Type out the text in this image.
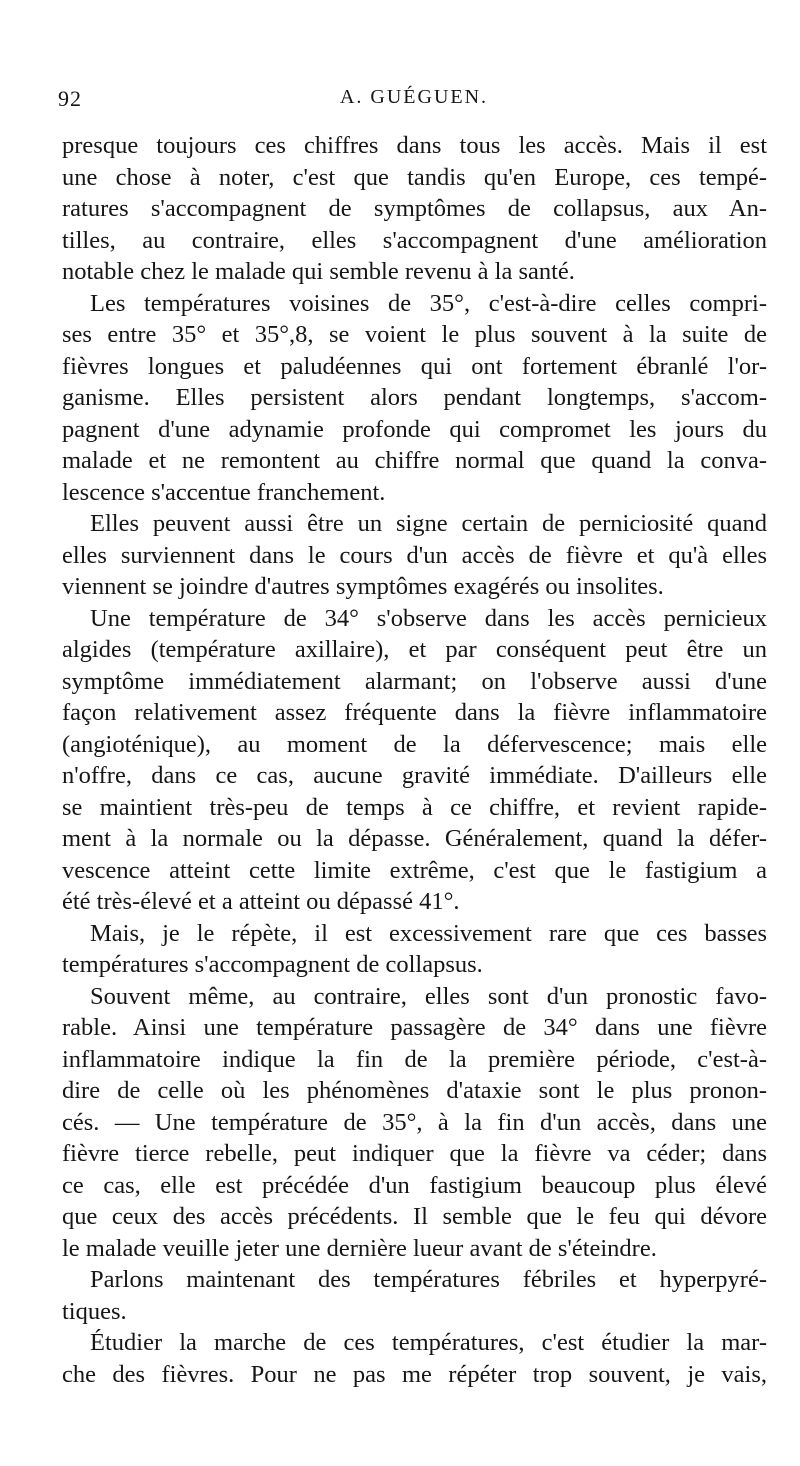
92	A. GUÉGUEN.
presque toujours ces chiffres dans tous les accès. Mais il est
une chose à noter, c'est que tandis qu'en Europe, ces tempé-
ratures s'accompagnent de symptômes de collapsus, aux An-
tilles, au contraire, elles s'accompagnent d'une amélioration
notable chez le malade qui semble revenu à la santé.
Les températures voisines de 35°, c'est-à-dire celles compri-
ses entre 35° et 35°,8, se voient le plus souvent à la suite de
fièvres longues et paludéennes qui ont fortement ébranlé l'or-
ganisme. Elles persistent alors pendant longtemps, s'accom-
pagnent d'une adynamie profonde qui compromet les jours du
malade et ne remontent au chiffre normal que quand la conva-
lescence s'accentue franchement.
Elles peuvent aussi être un signe certain de perniciosité quand
elles surviennent dans le cours d'un accès de fièvre et qu'à elles
viennent se joindre d'autres symptômes exagérés ou insolites.
Une température de 34° s'observe dans les accès pernicieux
algides (température axillaire), et par conséquent peut être un
symptôme immédiatement alarmant; on l'observe aussi d'une
façon relativement assez fréquente dans la fièvre inflammatoire
(angioténique), au moment de la défervescence; mais elle
n'offre, dans ce cas, aucune gravité immédiate. D'ailleurs elle
se maintient très-peu de temps à ce chiffre, et revient rapide-
ment à la normale ou la dépasse. Généralement, quand la défer-
vescence atteint cette limite extrême, c'est que le fastigium a
été très-élevé et a atteint ou dépassé 41°.
Mais, je le répète, il est excessivement rare que ces basses
températures s'accompagnent de collapsus.
Souvent même, au contraire, elles sont d'un pronostic favo-
rable. Ainsi une température passagère de 34° dans une fièvre
inflammatoire indique la fin de la première période, c'est-à-
dire de celle où les phénomènes d'ataxie sont le plus pronon-
cés. — Une température de 35°, à la fin d'un accès, dans une
fièvre tierce rebelle, peut indiquer que la fièvre va céder; dans
ce cas, elle est précédée d'un fastigium beaucoup plus élevé
que ceux des accès précédents. Il semble que le feu qui dévore
le malade veuille jeter une dernière lueur avant de s'éteindre.
Parlons maintenant des températures fébriles et hyperpyré-
tiques.
Étudier la marche de ces températures, c'est étudier la mar-
che des fièvres. Pour ne pas me répéter trop souvent, je vais,
